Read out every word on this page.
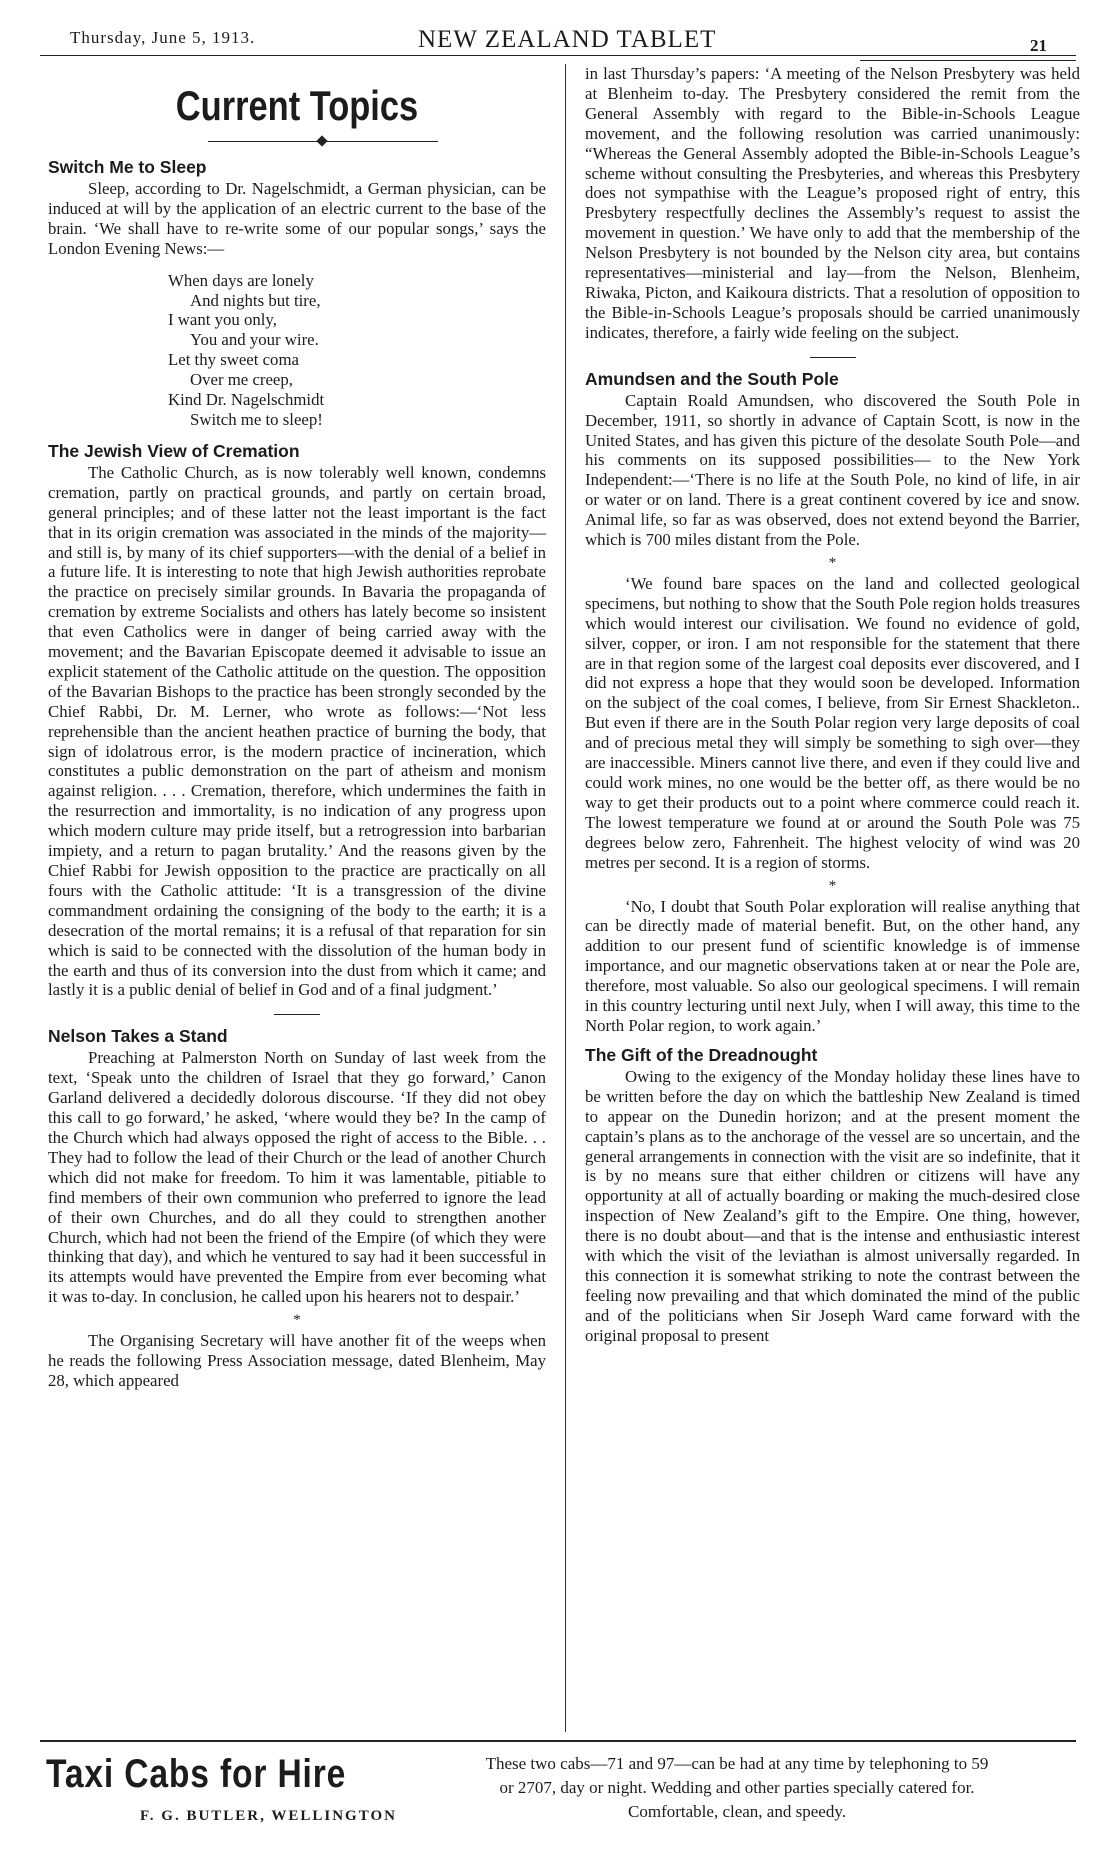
Thursday, June 5, 1913.	NEW ZEALAND TABLET	21
Current Topics
Switch Me to Sleep

Sleep, according to Dr. Nagelschmidt, a German physician, can be induced at will by the application of an electric current to the base of the brain. ‘We shall have to re-write some of our popular songs,’ says the London Evening News:—

When days are lonely
And nights but tire,
I want you only,
You and your wire.
Let thy sweet coma
Over me creep,
Kind Dr. Nagelschmidt
Switch me to sleep!
The Jewish View of Cremation

The Catholic Church, as is now tolerably well known, condemns cremation, partly on practical grounds, and partly on certain broad, general principles; and of these latter not the least important is the fact that in its origin cremation was associated in the minds of the majority—and still is, by many of its chief supporters—with the denial of a belief in a future life. It is interesting to note that high Jewish authorities reprobate the practice on precisely similar grounds. In Bavaria the propaganda of cremation by extreme Socialists and others has lately become so insistent that even Catholics were in danger of being carried away with the movement; and the Bavarian Episcopate deemed it advisable to issue an explicit statement of the Catholic attitude on the question. The opposition of the Bavarian Bishops to the practice has been strongly seconded by the Chief Rabbi, Dr. M. Lerner, who wrote as follows:—‘Not less reprehensible than the ancient heathen practice of burning the body, that sign of idolatrous error, is the modern practice of incineration, which constitutes a public demonstration on the part of atheism and monism against religion. . . . Cremation, therefore, which undermines the faith in the resurrection and immortality, is no indication of any progress upon which modern culture may pride itself, but a retrogression into barbarian impiety, and a return to pagan brutality.’ And the reasons given by the Chief Rabbi for Jewish opposition to the practice are practically on all fours with the Catholic attitude: ‘It is a transgression of the divine commandment ordaining the consigning of the body to the earth; it is a desecration of the mortal remains; it is a refusal of that reparation for sin which is said to be connected with the dissolution of the human body in the earth and thus of its conversion into the dust from which it came; and lastly it is a public denial of belief in God and of a final judgment.’

Nelson Takes a Stand

Preaching at Palmerston North on Sunday of last week from the text, ‘Speak unto the children of Israel that they go forward,’ Canon Garland delivered a decidedly dolorous discourse. ‘If they did not obey this call to go forward,’ he asked, ‘where would they be? In the camp of the Church which had always opposed the right of access to the Bible. . . They had to follow the lead of their Church or the lead of another Church which did not make for freedom. To him it was lamentable, pitiable to find members of their own communion who preferred to ignore the lead of their own Churches, and do all they could to strengthen another Church, which had not been the friend of the Empire (of which they were thinking that day), and which he ventured to say had it been successful in its attempts would have prevented the Empire from ever becoming what it was to-day. In conclusion, he called upon his hearers not to despair.’

*

The Organising Secretary will have another fit of the weeps when he reads the following Press Association message, dated Blenheim, May 28, which appeared

in last Thursday’s papers: ‘A meeting of the Nelson Presbytery was held at Blenheim to-day. The Presbytery considered the remit from the General Assembly with regard to the Bible-in-Schools League movement, and the following resolution was carried unanimously: “Whereas the General Assembly adopted the Bible-in-Schools League’s scheme without consulting the Presbyteries, and whereas this Presbytery does not sympathise with the League’s proposed right of entry, this Presbytery respectfully declines the Assembly’s request to assist the movement in question.’ We have only to add that the membership of the Nelson Presbytery is not bounded by the Nelson city area, but contains representatives—ministerial and lay—from the Nelson, Blenheim, Riwaka, Picton, and Kaikoura districts. That a resolution of opposition to the Bible-in-Schools League’s proposals should be carried unanimously indicates, therefore, a fairly wide feeling on the subject.

Amundsen and the South Pole

Captain Roald Amundsen, who discovered the South Pole in December, 1911, so shortly in advance of Captain Scott, is now in the United States, and has given this picture of the desolate South Pole—and his comments on its supposed possibilities— to the New York Independent:—‘There is no life at the South Pole, no kind of life, in air or water or on land. There is a great continent covered by ice and snow. Animal life, so far as was observed, does not extend beyond the Barrier, which is 700 miles distant from the Pole.

*

‘We found bare spaces on the land and collected geological specimens, but nothing to show that the South Pole region holds treasures which would interest our civilisation. We found no evidence of gold, silver, copper, or iron. I am not responsible for the statement that there are in that region some of the largest coal deposits ever discovered, and I did not express a hope that they would soon be developed. Information on the subject of the coal comes, I believe, from Sir Ernest Shackleton.. But even if there are in the South Polar region very large deposits of coal and of precious metal they will simply be something to sigh over—they are inaccessible. Miners cannot live there, and even if they could live and could work mines, no one would be the better off, as there would be no way to get their products out to a point where commerce could reach it. The lowest temperature we found at or around the South Pole was 75 degrees below zero, Fahrenheit. The highest velocity of wind was 20 metres per second. It is a region of storms.

*

‘No, I doubt that South Polar exploration will realise anything that can be directly made of material benefit. But, on the other hand, any addition to our present fund of scientific knowledge is of immense importance, and our magnetic observations taken at or near the Pole are, therefore, most valuable. So also our geological specimens. I will remain in this country lecturing until next July, when I will away, this time to the North Polar region, to work again.’

The Gift of the Dreadnought

Owing to the exigency of the Monday holiday these lines have to be written before the day on which the battleship New Zealand is timed to appear on the Dunedin horizon; and at the present moment the captain’s plans as to the anchorage of the vessel are so uncertain, and the general arrangements in connection with the visit are so indefinite, that it is by no means sure that either children or citizens will have any opportunity at all of actually boarding or making the much-desired close inspection of New Zealand’s gift to the Empire. One thing, however, there is no doubt about—and that is the intense and enthusiastic interest with which the visit of the leviathan is almost universally regarded. In this connection it is somewhat striking to note the contrast between the feeling now prevailing and that which dominated the mind of the public and of the politicians when Sir Joseph Ward came forward with the original proposal to present

Taxi Cabs for Hire
F. G. BUTLER, WELLINGTON
These two cabs—71 and 97—can be had at any time by telephoning to 59
or 2707, day or night. Wedding and other parties specially catered for.
Comfortable, clean, and speedy.
